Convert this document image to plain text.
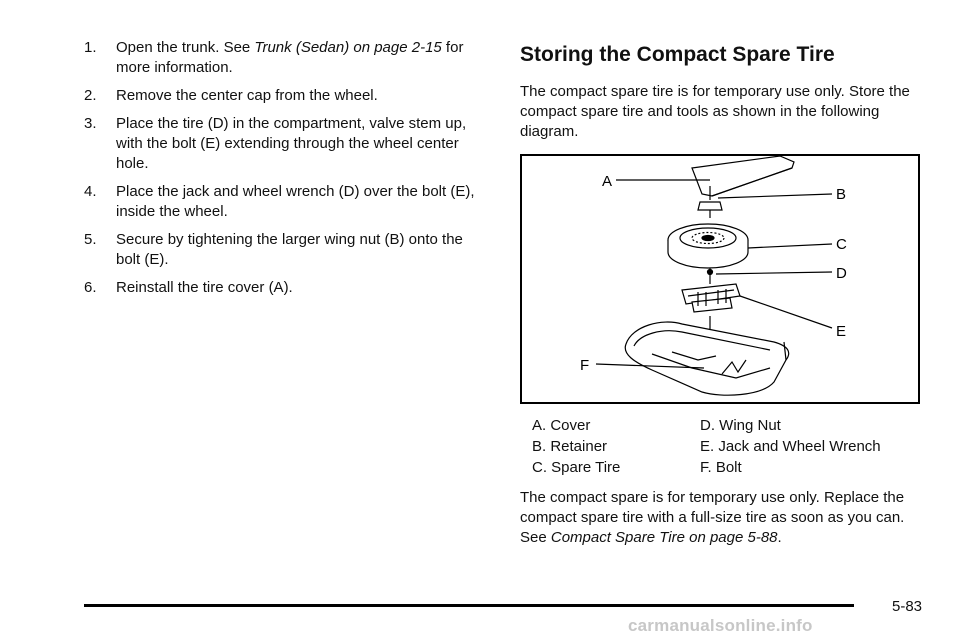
1.	Open the trunk. See Trunk (Sedan) on page 2-15 for more information.
2.	Remove the center cap from the wheel.
3.	Place the tire (D) in the compartment, valve stem up, with the bolt (E) extending through the wheel center hole.
4.	Place the jack and wheel wrench (D) over the bolt (E), inside the wheel.
5.	Secure by tightening the larger wing nut (B) onto the bolt (E).
6.	Reinstall the tire cover (A).
Storing the Compact Spare Tire
The compact spare tire is for temporary use only. Store the compact spare tire and tools as shown in the following diagram.
A
B
C
D
E
F
A. Cover	D. Wing Nut
B. Retainer	E. Jack and Wheel Wrench
C. Spare Tire	F. Bolt
The compact spare is for temporary use only. Replace the compact spare tire with a full-size tire as soon as you can. See Compact Spare Tire on page 5-88.
5-83
carmanualsonline.info
